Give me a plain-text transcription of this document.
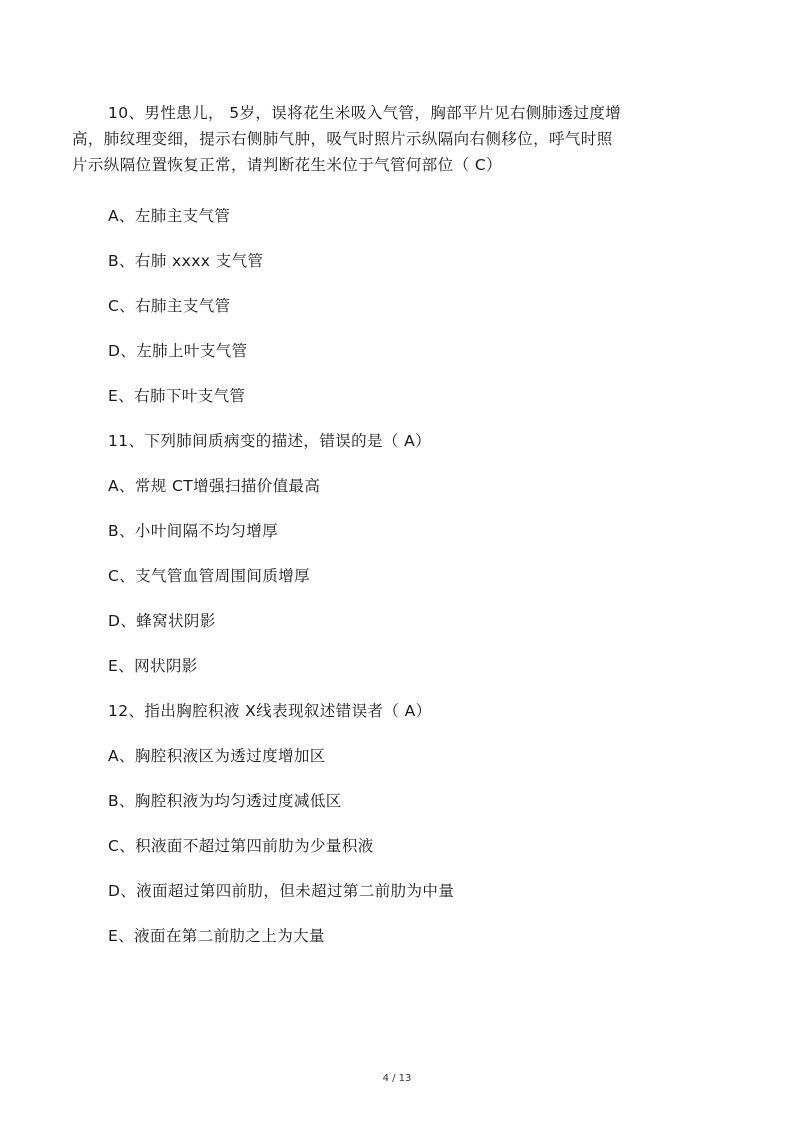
10、男性患儿， 5岁，误将花生米吸入气管，胸部平片见右侧肺透过度增
高，肺纹理变细，提示右侧肺气肿，吸气时照片示纵隔向右侧移位，呼气时照
片示纵隔位置恢复正常，请判断花生米位于气管何部位（ C）
A、左肺主支气管
B、右肺 xxxx 支气管
C、右肺主支气管
D、左肺上叶支气管
E、右肺下叶支气管
11、下列肺间质病变的描述，错误的是（ A）
A、常规 CT增强扫描价值最高
B、小叶间隔不均匀增厚
C、支气管血管周围间质增厚
D、蜂窝状阴影
E、网状阴影
12、指出胸腔积液 X线表现叙述错误者（ A）
A、胸腔积液区为透过度增加区
B、胸腔积液为均匀透过度减低区
C、积液面不超过第四前肋为少量积液
D、液面超过第四前肋，但未超过第二前肋为中量
E、液面在第二前肋之上为大量
4 / 13
